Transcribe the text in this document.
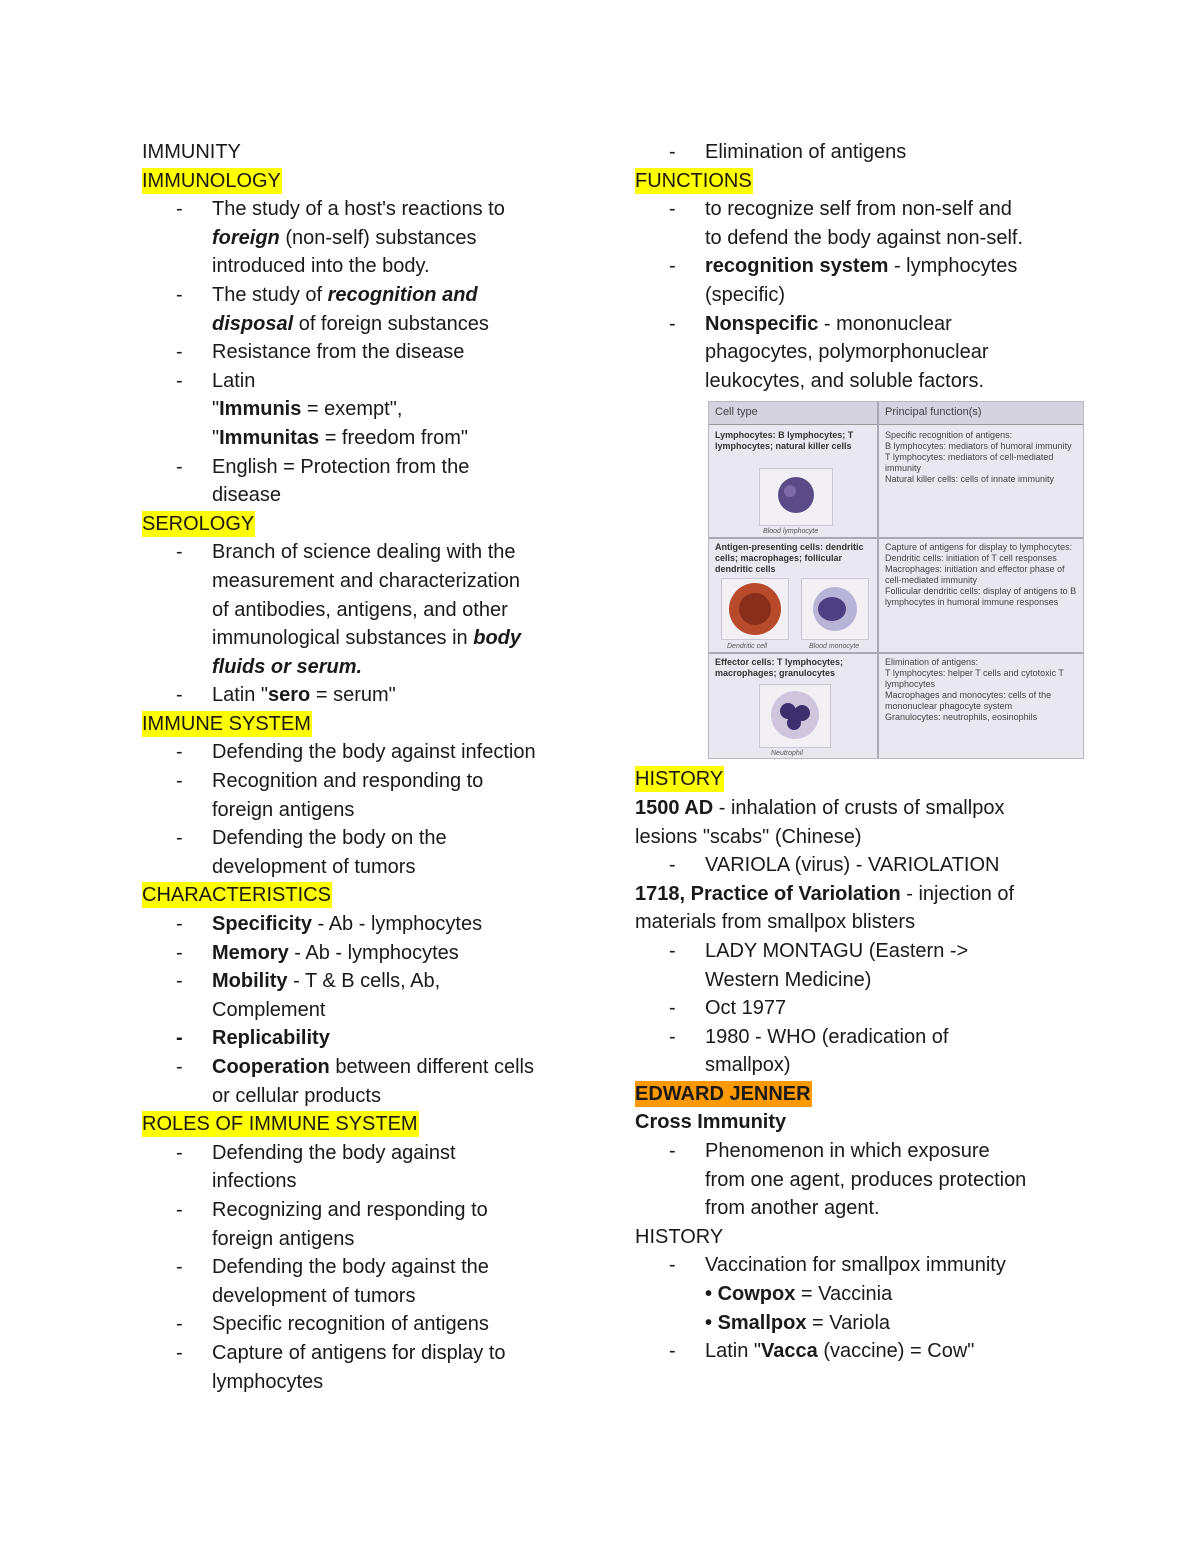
IMMUNITY
IMMUNOLOGY
- The study of a host's reactions to
foreign (non-self) substances
introduced into the body.
- The study of recognition and
disposal of foreign substances
- Resistance from the disease
- Latin
"Immunis = exempt",
"Immunitas = freedom from"
- English = Protection from the
disease
SEROLOGY
- Branch of science dealing with the
measurement and characterization
of antibodies, antigens, and other
immunological substances in body
fluids or serum.
- Latin "sero = serum"
IMMUNE SYSTEM
- Defending the body against infection
- Recognition and responding to
foreign antigens
- Defending the body on the
development of tumors
CHARACTERISTICS
- Specificity - Ab - lymphocytes
- Memory - Ab - lymphocytes
- Mobility - T & B cells, Ab,
Complement
- Replicability
- Cooperation between different cells
or cellular products
ROLES OF IMMUNE SYSTEM
- Defending the body against
infections
- Recognizing and responding to
foreign antigens
- Defending the body against the
development of tumors
- Specific recognition of antigens
- Capture of antigens for display to
lymphocytes
- Elimination of antigens
FUNCTIONS
- to recognize self from non-self and
to defend the body against non-self.
- recognition system - lymphocytes
(specific)
- Nonspecific - mononuclear
phagocytes, polymorphonuclear
leukocytes, and soluble factors.
Cell type	Principal function(s)
Lymphocytes: B lymphocytes; T lymphocytes; natural killer cells
Blood lymphocyte
Specific recognition of antigens:
B lymphocytes: mediators of humoral immunity
T lymphocytes: mediators of cell-mediated immunity
Natural killer cells: cells of innate immunity
Antigen-presenting cells: dendritic cells; macrophages; follicular dendritic cells
Dendritic cell	Blood monocyte
Capture of antigens for display to lymphocytes:
Dendritic cells: initiation of T cell responses
Macrophages: initiation and effector phase of cell-mediated immunity
Follicular dendritic cells: display of antigens to B lymphocytes in humoral immune responses
Effector cells: T lymphocytes; macrophages; granulocytes
Neutrophil
Elimination of antigens:
T lymphocytes: helper T cells and cytotoxic T lymphocytes
Macrophages and monocytes: cells of the mononuclear phagocyte system
Granulocytes: neutrophils, eosinophils
HISTORY
1500 AD - inhalation of crusts of smallpox
lesions "scabs" (Chinese)
- VARIOLA (virus) - VARIOLATION
1718, Practice of Variolation - injection of
materials from smallpox blisters
- LADY MONTAGU (Eastern ->
Western Medicine)
- Oct 1977
- 1980 - WHO (eradication of
smallpox)
EDWARD JENNER
Cross Immunity
- Phenomenon in which exposure
from one agent, produces protection
from another agent.
HISTORY
- Vaccination for smallpox immunity
• Cowpox = Vaccinia
• Smallpox = Variola
- Latin "Vacca (vaccine) = Cow"
